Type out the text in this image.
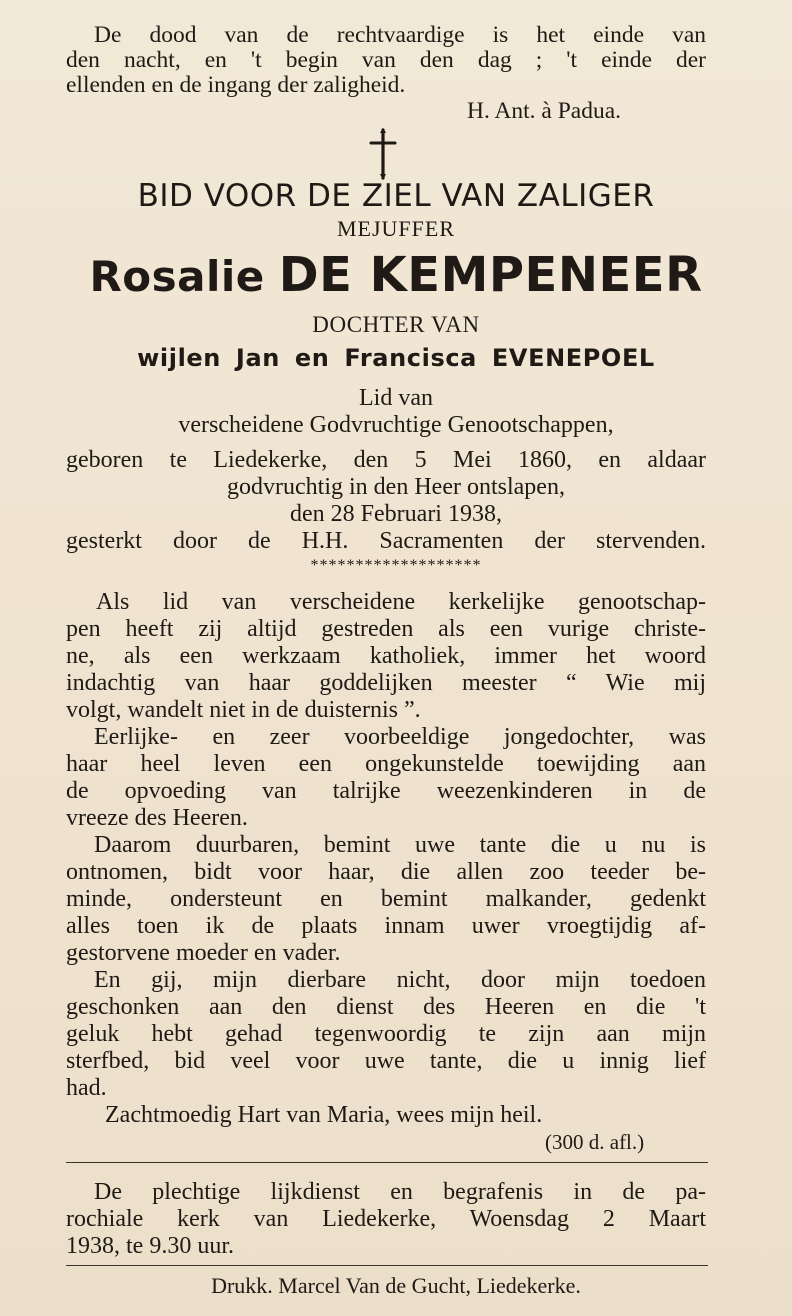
De dood van de rechtvaardige is het einde van
den nacht, en 't begin van den dag ; 't einde der
ellenden en de ingang der zaligheid.
H. Ant. à Padua.
BID VOOR DE ZIEL VAN ZALIGER
MEJUFFER
Rosalie DE KEMPENEER
DOCHTER VAN
wijlen Jan en Francisca EVENEPOEL
Lid van
verscheidene Godvruchtige Genootschappen,
geboren te Liedekerke, den 5 Mei 1860, en aldaar
godvruchtig in den Heer ontslapen,
den 28 Februari 1938,
gesterkt door de H.H. Sacramenten der stervenden.
*******************
Als lid van verscheidene kerkelijke genootschap-
pen heeft zij altijd gestreden als een vurige christe-
ne, als een werkzaam katholiek, immer het woord
indachtig van haar goddelijken meester “ Wie mij
volgt, wandelt niet in de duisternis ”.
Eerlijke- en zeer voorbeeldige jongedochter, was
haar heel leven een ongekunstelde toewijding aan
de opvoeding van talrijke weezenkinderen in de
vreeze des Heeren.
Daarom duurbaren, bemint uwe tante die u nu is
ontnomen, bidt voor haar, die allen zoo teeder be-
minde, ondersteunt en bemint malkander, gedenkt
alles toen ik de plaats innam uwer vroegtijdig af-
gestorvene moeder en vader.
En gij, mijn dierbare nicht, door mijn toedoen
geschonken aan den dienst des Heeren en die 't
geluk hebt gehad tegenwoordig te zijn aan mijn
sterfbed, bid veel voor uwe tante, die u innig lief
had.
Zachtmoedig Hart van Maria, wees mijn heil.
(300 d. afl.)
De plechtige lijkdienst en begrafenis in de pa-
rochiale kerk van Liedekerke, Woensdag 2 Maart
1938, te 9.30 uur.
Drukk. Marcel Van de Gucht, Liedekerke.
